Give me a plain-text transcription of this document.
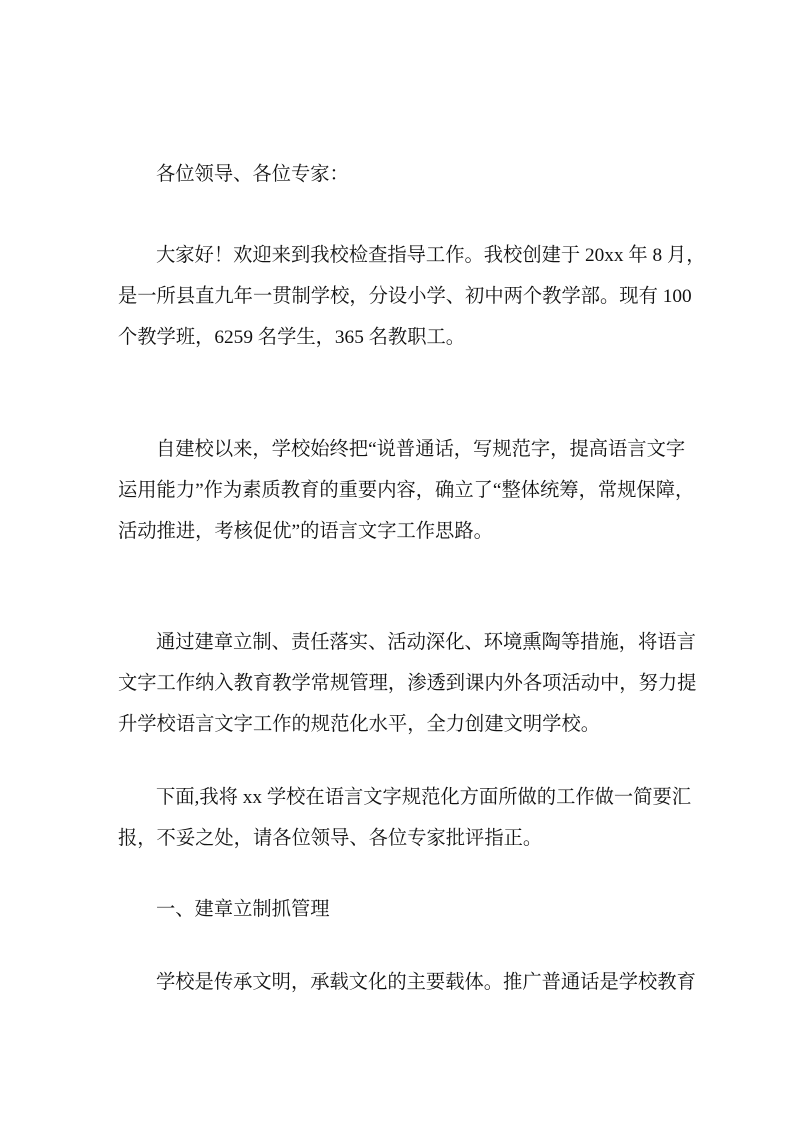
各位领导、各位专家：
大家好！欢迎来到我校检查指导工作。我校创建于 20xx 年 8 月，
是一所县直九年一贯制学校，分设小学、初中两个教学部。现有 100
个教学班，6259 名学生，365 名教职工。
自建校以来，学校始终把“说普通话，写规范字，提高语言文字
运用能力”作为素质教育的重要内容，确立了“整体统筹，常规保障，
活动推进，考核促优”的语言文字工作思路。
通过建章立制、责任落实、活动深化、环境熏陶等措施，将语言
文字工作纳入教育教学常规管理，渗透到课内外各项活动中，努力提
升学校语言文字工作的规范化水平，全力创建文明学校。
下面,我将 xx 学校在语言文字规范化方面所做的工作做一简要汇
报，不妥之处，请各位领导、各位专家批评指正。
一、建章立制抓管理
学校是传承文明，承载文化的主要载体。推广普通话是学校教育
